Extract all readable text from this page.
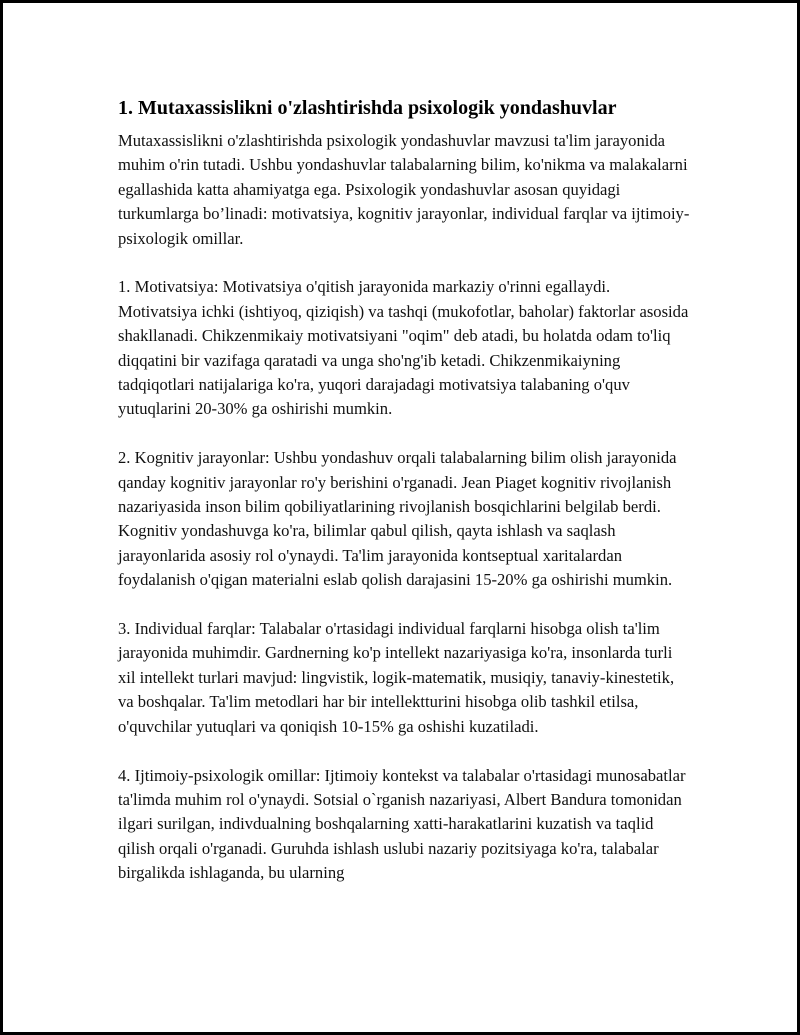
1. Mutaxassislikni o'zlashtirishda psixologik yondashuvlar

Mutaxassislikni o'zlashtirishda psixologik yondashuvlar mavzusi ta'lim jarayonida muhim o'rin tutadi. Ushbu yondashuvlar talabalarning bilim, ko'nikma va malakalarni egallashida katta ahamiyatga ega. Psixologik yondashuvlar asosan quyidagi turkumlarga bo’linadi: motivatsiya, kognitiv jarayonlar, individual farqlar va ijtimoiy-psixologik omillar.

1. Motivatsiya: Motivatsiya o'qitish jarayonida markaziy o'rinni egallaydi. Motivatsiya ichki (ishtiyoq, qiziqish) va tashqi (mukofotlar, baholar) faktorlar asosida shakllanadi. Chikzenmikaiy motivatsiyani "oqim" deb atadi, bu holatda odam to'liq diqqatini bir vazifaga qaratadi va unga sho'ng'ib ketadi. Chikzenmikaiyning tadqiqotlari natijalariga ko'ra, yuqori darajadagi motivatsiya talabaning o'quv yutuqlarini 20-30% ga oshirishi mumkin.

2. Kognitiv jarayonlar: Ushbu yondashuv orqali talabalarning bilim olish jarayonida qanday kognitiv jarayonlar ro'y berishini o'rganadi. Jean Piaget kognitiv rivojlanish nazariyasida inson bilim qobiliyatlarining rivojlanish bosqichlarini belgilab berdi. Kognitiv yondashuvga ko'ra, bilimlar qabul qilish, qayta ishlash va saqlash jarayonlarida asosiy rol o'ynaydi. Ta'lim jarayonida kontseptual xaritalardan foydalanish o'qigan materialni eslab qolish darajasini 15-20% ga oshirishi mumkin.

3. Individual farqlar: Talabalar o'rtasidagi individual farqlarni hisobga olish ta'lim jarayonida muhimdir. Gardnerning ko'p intellekt nazariyasiga ko'ra, insonlarda turli xil intellekt turlari mavjud: lingvistik, logik-matematik, musiqiy, tanaviy-kinestetik, va boshqalar. Ta'lim metodlari har bir intellektturini hisobga olib tashkil etilsa, o'quvchilar yutuqlari va qoniqish 10-15% ga oshishi kuzatiladi.

4. Ijtimoiy-psixologik omillar: Ijtimoiy kontekst va talabalar o'rtasidagi munosabatlar ta'limda muhim rol o'ynaydi. Sotsial o`rganish nazariyasi, Albert Bandura tomonidan ilgari surilgan, indivdualning boshqalarning xatti-harakatlarini kuzatish va taqlid qilish orqali o'rganadi. Guruhda ishlash uslubi nazariy pozitsiyaga ko'ra, talabalar birgalikda ishlaganda, bu ularning
